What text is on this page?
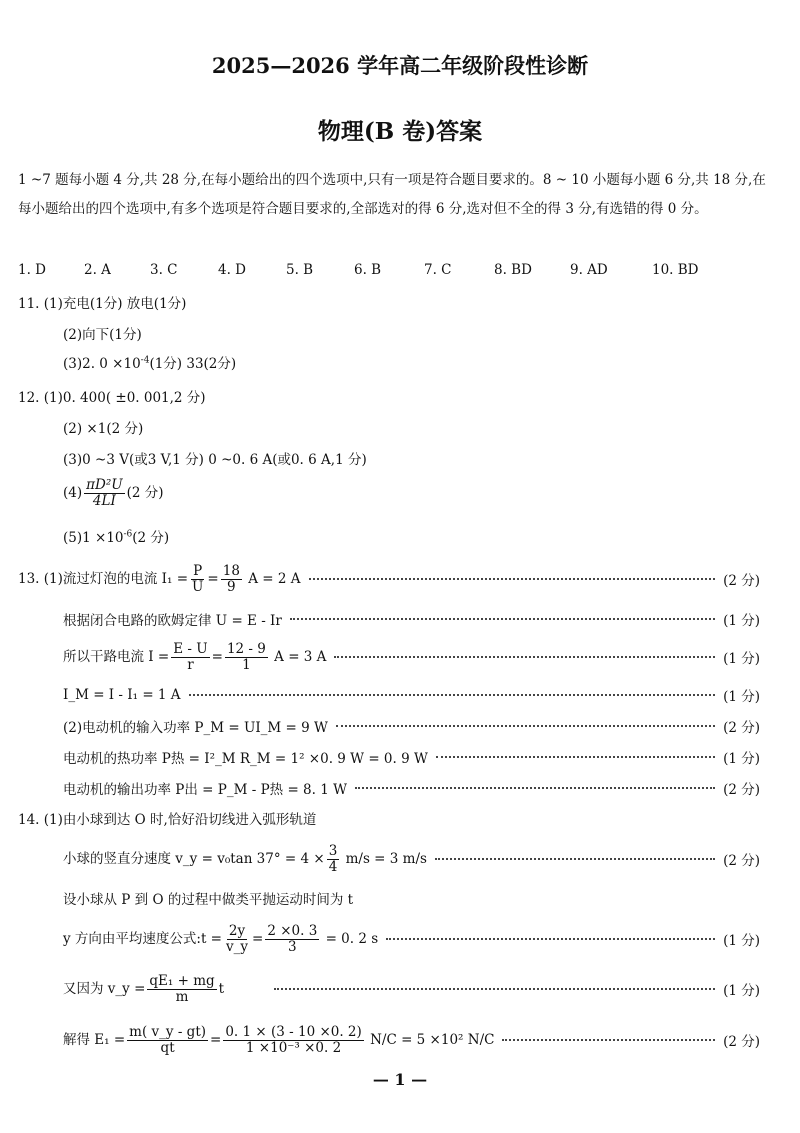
2025—2026 学年高二年级阶段性诊断
物理(B 卷)答案
1 ~7 题每小题 4 分,共 28 分,在每小题给出的四个选项中,只有一项是符合题目要求的。8 ~ 10 小题每小题 6 分,共 18 分,在每小题给出的四个选项中,有多个选项是符合题目要求的,全部选对的得 6 分,选对但不全的得 3 分,有选错的得 0 分。
1. D	2. A	3. C	4. D	5. B	6. B	7. C	8. BD	9. AD	10. BD
11. (1)充电(1分) 放电(1分)
(2)向下(1分)
(3)2. $0 \times 10^{-4}(1$分) 33(2分)
12. (1)0. 400( ±0. 001,2 分)
(2) ×1(2 分)
(3)0 ~3 V(或3 V,1 分) 0 ~0. 6 A(或0. 6 A,1 分)
$(4) \frac{\text{πD²U}}{4LI} (2$ 分)
$(5)1 \times 10^{-6}(2$ 分)
13. (1)流过灯泡的电流 $I_1 = \frac{P}{U} = \frac{18}{9}$ A = 2 A	(2 分)
根据闭合电路的欧姆定律 U = E - Ir	(1 分)
所以干路电流 $I = \frac{E - U}{r} = \frac{12 - 9}{1}$ A = 3 A	(1 分)
I_M = I - I₁ = 1 A	(1 分)
(2)电动机的输入功率 P_M = UI_M = 9 W	(2 分)
电动机的热功率 P热 = I²_M R_M = 1² ×0. 9 W = 0. 9 W	(1 分)
电动机的输出功率 P出 = P_M - P热 = 8. 1 W	(2 分)
14. (1)由小球到达 O 时,恰好沿切线进入弧形轨道
小球的竖直分速度 v_y = v₀tan $37^\circ = 4 \times \frac{3}{4} m/s = 3$ m/s	(2 分)
设小球从 P 到 O 的过程中做类平抛运动时间为 t
y 方向由平均速度公式:t = $\frac{2y}{v\_y} = \frac{2 \times 0. 3}{3} = 0$. 2 s	(1 分)
又因为 v_y = $\frac{\text{qE₁ + mg}}{m}$ t	(1 分)
解得 $E_1 = \frac{m( v\_y - gt)}{qt} = \frac{0. 1 \times (3 - 10 \times 0. 2)}{\text{1 ×10⁻³ ×0. 2}} N/C = 5 \times 10^2$ N/C	(2 分)
— 1 —
